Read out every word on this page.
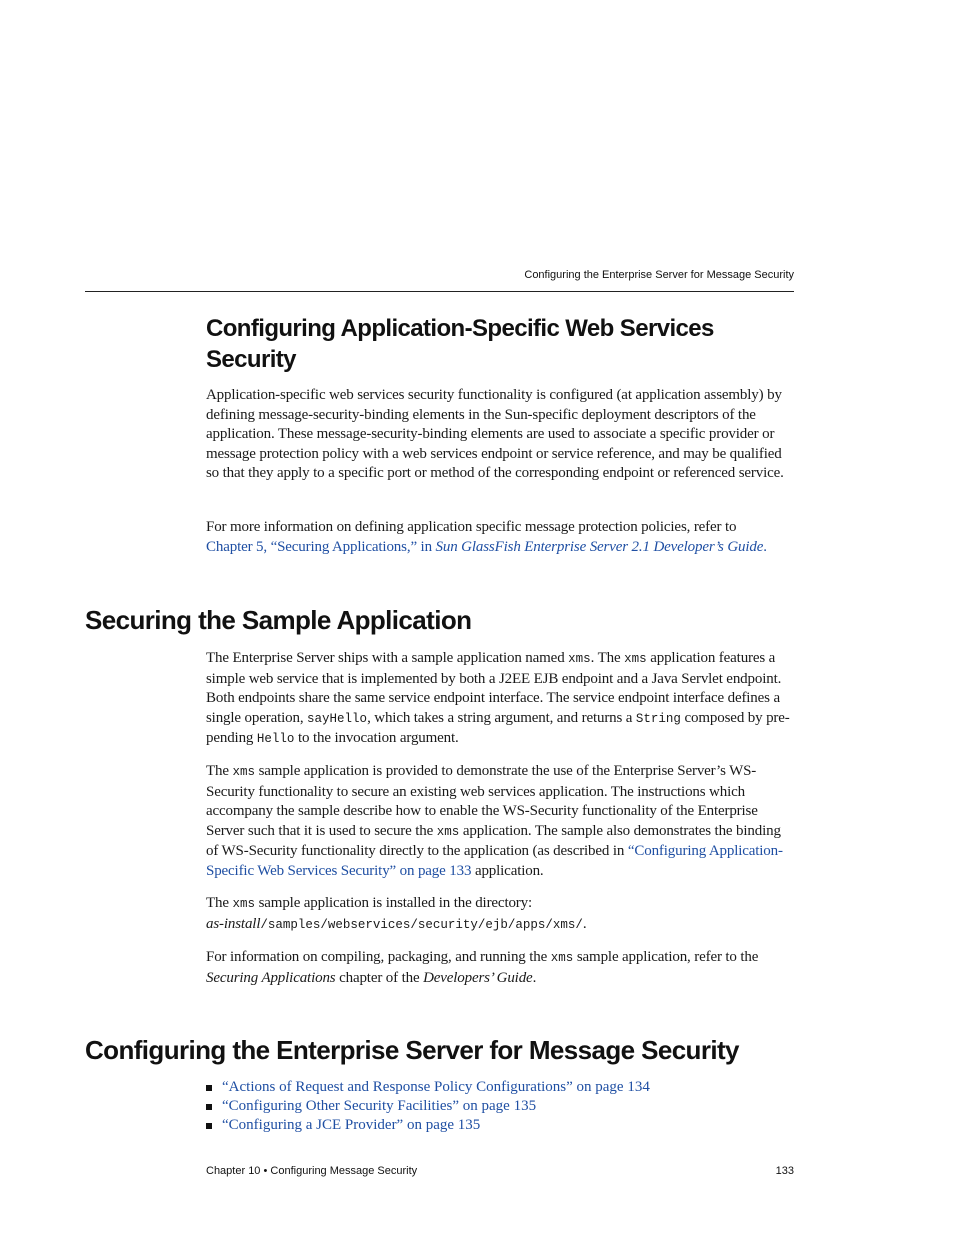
Configuring the Enterprise Server for Message Security
Configuring Application-Specific Web Services
Security

Application-specific web services security functionality is configured (at application assembly) by defining message-security-binding elements in the Sun-specific deployment descriptors of the application. These message-security-binding elements are used to associate a specific provider or message protection policy with a web services endpoint or service reference, and may be qualified so that they apply to a specific port or method of the corresponding endpoint or referenced service.

For more information on defining application specific message protection policies, refer to
Chapter 5, “Securing Applications,” in Sun GlassFish Enterprise Server 2.1 Developer’s Guide.

Securing the Sample Application

The Enterprise Server ships with a sample application named xms. The xms application features a simple web service that is implemented by both a J2EE EJB endpoint and a Java Servlet endpoint. Both endpoints share the same service endpoint interface. The service endpoint interface defines a single operation, sayHello, which takes a string argument, and returns a String composed by pre-pending Hello to the invocation argument.

The xms sample application is provided to demonstrate the use of the Enterprise Server’s WS-Security functionality to secure an existing web services application. The instructions which accompany the sample describe how to enable the WS-Security functionality of the Enterprise Server such that it is used to secure the xms application. The sample also demonstrates the binding of WS-Security functionality directly to the application (as described in “Configuring Application-Specific Web Services Security” on page 133 application.

The xms sample application is installed in the directory:
as-install/samples/webservices/security/ejb/apps/xms/.

For information on compiling, packaging, and running the xms sample application, refer to the
Securing Applications chapter of the Developers’ Guide.

Configuring the Enterprise Server for Message Security
“Actions of Request and Response Policy Configurations” on page 134
“Configuring Other Security Facilities” on page 135
“Configuring a JCE Provider” on page 135
Chapter 10 • Configuring Message Security	133
